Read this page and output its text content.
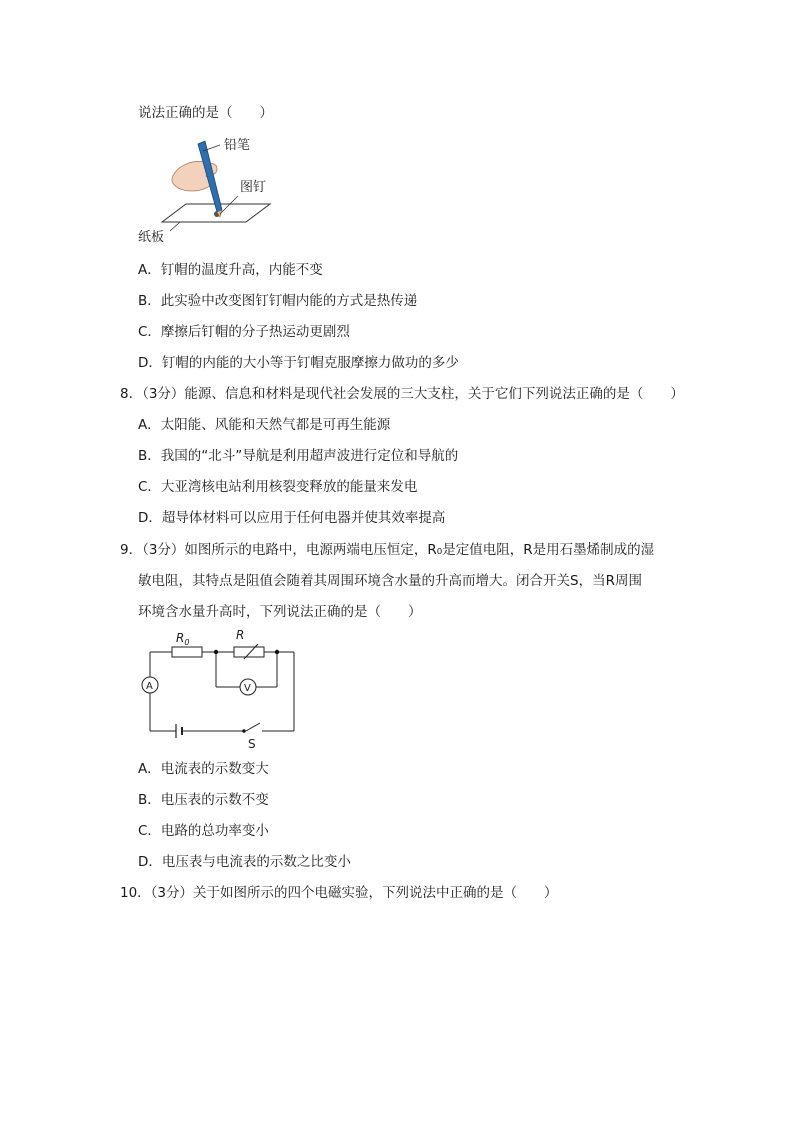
说法正确的是（　　）
铅笔
图钉
纸板
A．钉帽的温度升高，内能不变
B．此实验中改变图钉钉帽内能的方式是热传递
C．摩擦后钉帽的分子热运动更剧烈
D．钉帽的内能的大小等于钉帽克服摩擦力做功的多少
8．（3分）能源、信息和材料是现代社会发展的三大支柱，关于它们下列说法正确的是（　　）
A．太阳能、风能和天然气都是可再生能源
B．我国的“北斗”导航是利用超声波进行定位和导航的
C．大亚湾核电站利用核裂变释放的能量来发电
D．超导体材料可以应用于任何电器并使其效率提高
9．（3分）如图所示的电路中，电源两端电压恒定，R₀是定值电阻，R是用石墨烯制成的湿
敏电阻，其特点是阻值会随着其周围环境含水量的升高而增大。闭合开关S，当R周围
环境含水量升高时，下列说法正确的是（　　）
$R_0$
R
A	V
S
A．电流表的示数变大
B．电压表的示数不变
C．电路的总功率变小
D．电压表与电流表的示数之比变小
10．（3分）关于如图所示的四个电磁实验，下列说法中正确的是（　　）
